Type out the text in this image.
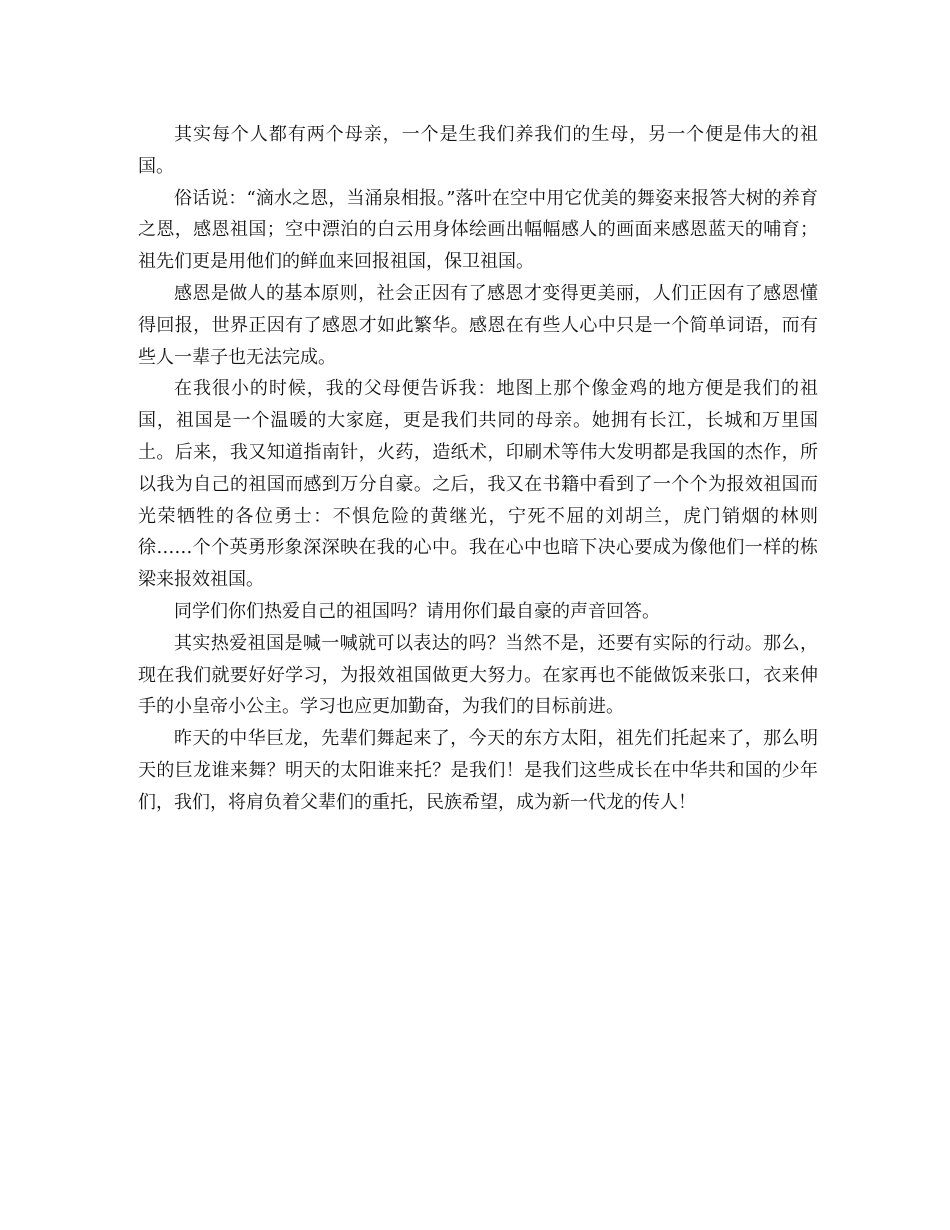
其实每个人都有两个母亲，一个是生我们养我们的生母，另一个便是伟大的祖国。

俗话说：“滴水之恩，当涌泉相报。”落叶在空中用它优美的舞姿来报答大树的养育之恩，感恩祖国；空中漂泊的白云用身体绘画出幅幅感人的画面来感恩蓝天的哺育；祖先们更是用他们的鲜血来回报祖国，保卫祖国。

感恩是做人的基本原则，社会正因有了感恩才变得更美丽，人们正因有了感恩懂得回报，世界正因有了感恩才如此繁华。感恩在有些人心中只是一个简单词语，而有些人一辈子也无法完成。

在我很小的时候，我的父母便告诉我：地图上那个像金鸡的地方便是我们的祖国，祖国是一个温暖的大家庭，更是我们共同的母亲。她拥有长江，长城和万里国土。后来，我又知道指南针，火药，造纸术，印刷术等伟大发明都是我国的杰作，所以我为自己的祖国而感到万分自豪。之后，我又在书籍中看到了一个个为报效祖国而光荣牺牲的各位勇士：不惧危险的黄继光，宁死不屈的刘胡兰，虎门销烟的林则徐……个个英勇形象深深映在我的心中。我在心中也暗下决心要成为像他们一样的栋梁来报效祖国。

同学们你们热爱自己的祖国吗？请用你们最自豪的声音回答。

其实热爱祖国是喊一喊就可以表达的吗？当然不是，还要有实际的行动。那么，现在我们就要好好学习，为报效祖国做更大努力。在家再也不能做饭来张口，衣来伸手的小皇帝小公主。学习也应更加勤奋，为我们的目标前进。

昨天的中华巨龙，先辈们舞起来了，今天的东方太阳，祖先们托起来了，那么明天的巨龙谁来舞？明天的太阳谁来托？是我们！是我们这些成长在中华共和国的少年们，我们，将肩负着父辈们的重托，民族希望，成为新一代龙的传人！
